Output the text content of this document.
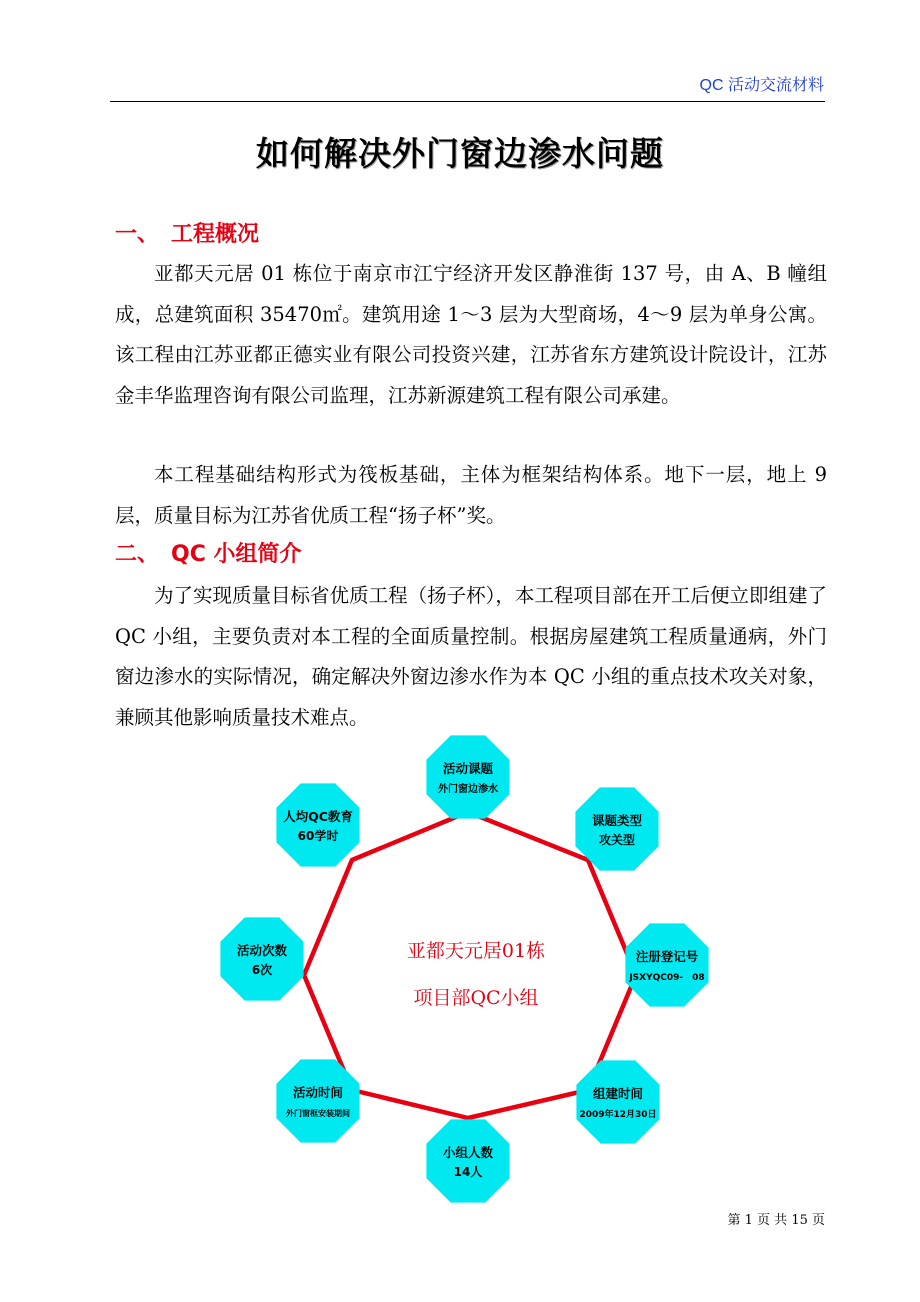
QC 活动交流材料
如何解决外门窗边渗水问题
一、 工程概况

亚都天元居 01 栋位于南京市江宁经济开发区静淮街 137 号，由 A、B 幢组成，总建筑面积 35470㎡。建筑用途 1～3 层为大型商场，4～9 层为单身公寓。该工程由江苏亚都正德实业有限公司投资兴建，江苏省东方建筑设计院设计，江苏金丰华监理咨询有限公司监理，江苏新源建筑工程有限公司承建。

本工程基础结构形式为筏板基础，主体为框架结构体系。地下一层，地上 9 层，质量目标为江苏省优质工程“扬子杯”奖。

二、 QC 小组简介

为了实现质量目标省优质工程（扬子杯），本工程项目部在开工后便立即组建了 QC 小组，主要负责对本工程的全面质量控制。根据房屋建筑工程质量通病，外门窗边渗水的实际情况，确定解决外窗边渗水作为本 QC 小组的重点技术攻关对象，兼顾其他影响质量技术难点。

活动课题
外门窗边渗水
课题类型
攻关型
注册登记号
JSXYQC09-　08
组建时间
2009年12月30日
小组人数
14人
活动时间
外门窗框安装期间
活动次数
6次
人均QC教育
60学时
亚都天元居01栋
项目部QC小组
第 1 页 共 15 页
